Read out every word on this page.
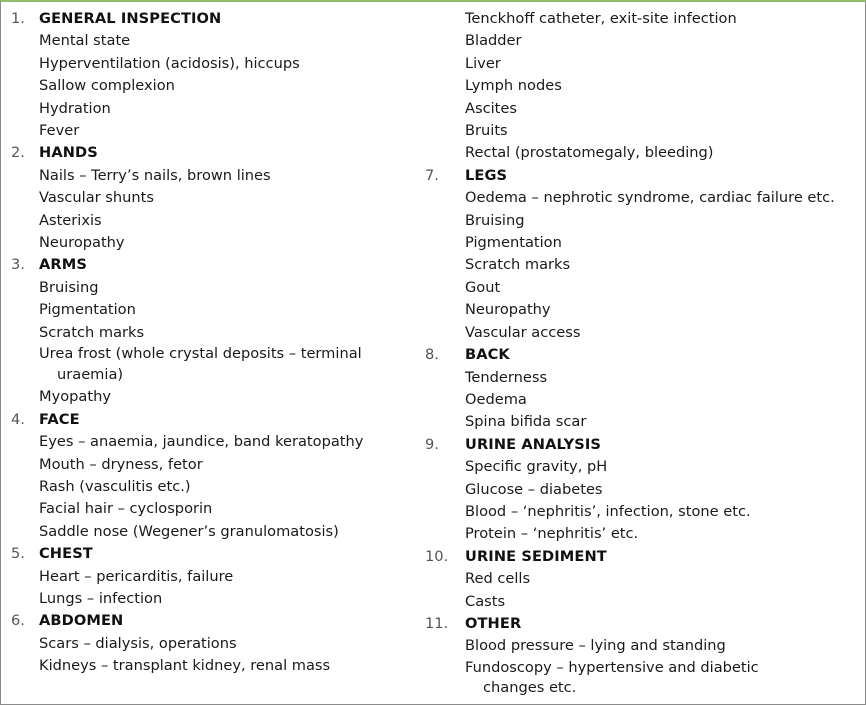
1. GENERAL INSPECTION
Mental state
Hyperventilation (acidosis), hiccups
Sallow complexion
Hydration
Fever
2. HANDS
Nails – Terry’s nails, brown lines
Vascular shunts
Asterixis
Neuropathy
3. ARMS
Bruising
Pigmentation
Scratch marks
Urea frost (whole crystal deposits – terminal
uraemia)
Myopathy
4. FACE
Eyes – anaemia, jaundice, band keratopathy
Mouth – dryness, fetor
Rash (vasculitis etc.)
Facial hair – cyclosporin
Saddle nose (Wegener’s granulomatosis)
5. CHEST
Heart – pericarditis, failure
Lungs – infection
6. ABDOMEN
Scars – dialysis, operations
Kidneys – transplant kidney, renal mass
Tenckhoff catheter, exit-site infection
Bladder
Liver
Lymph nodes
Ascites
Bruits
Rectal (prostatomegaly, bleeding)
7.	LEGS
Oedema – nephrotic syndrome, cardiac failure etc.
Bruising
Pigmentation
Scratch marks
Gout
Neuropathy
Vascular access
8.	BACK
Tenderness
Oedema
Spina bifida scar
9.	URINE ANALYSIS
Specific gravity, pH
Glucose – diabetes
Blood – ‘nephritis’, infection, stone etc.
Protein – ‘nephritis’ etc.
10.	URINE SEDIMENT
Red cells
Casts
11.	OTHER
Blood pressure – lying and standing
Fundoscopy – hypertensive and diabetic
changes etc.
